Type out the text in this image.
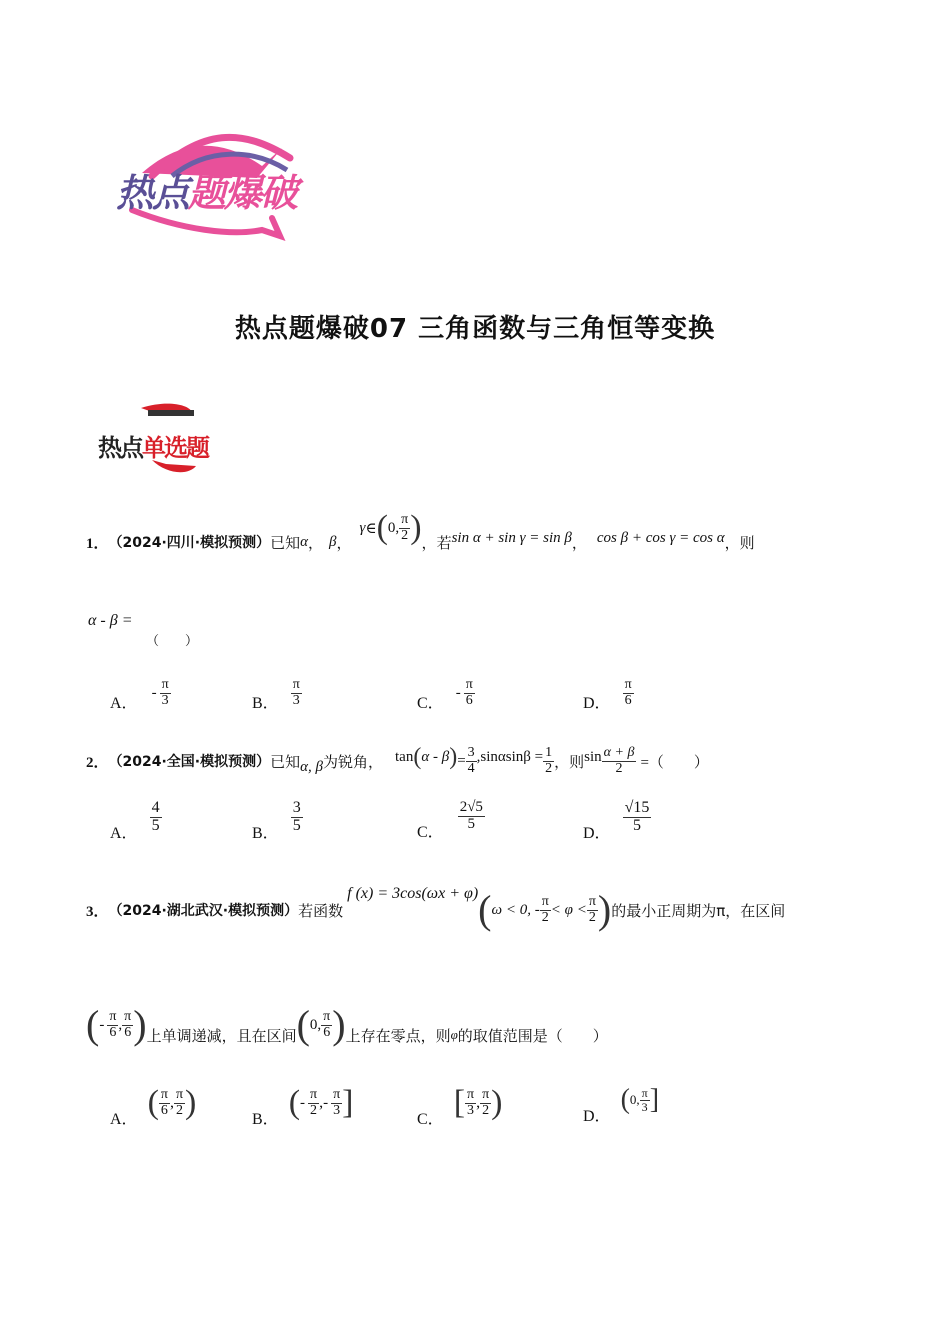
热点题爆破
热点题爆破07 三角函数与三角恒等变换
热点单选题
1． （2024·四川·模拟预测） 已知 α ， β ，
γ ∈ ( 0, $\frac{\pi}{2}$ ) ， 若 sin α + sin γ = sin β ， cos β + cos γ = cos α ，则
α - β =
（　　）
A．
- $\frac{\pi}{3}$	B． $\frac{\pi}{3}$	C．
- $\frac{\pi}{6}$	D． $\frac{\pi}{6}$
2． （2024·全国·模拟预测） 已知 α, β 为锐角， tan ( α - β ) = $\frac{3}{4} ,\sin\alpha\sin\beta = \frac{1}{2}$ ，则 $\sin \frac{\alpha + \beta}{2}$ =（　　）
A． $\frac{4}{5}$	B． $\frac{3}{5}$	C． $\frac{2√5}{5}$
D． $\frac{√15}{5}$
3． （2024·湖北武汉·模拟预测） 若函数
f (x) = 3cos(ωx + φ) ( ω < 0, - $\frac{\pi}{2} < \varphi < \frac{\pi}{2}$ ) 的最小正周期为π，在区间
( - $\frac{\pi}{6}$ , $\frac{\pi}{6}$ ) 上单调递减，且在区间 ( 0, $\frac{\pi}{6}$ ) 上存在零点，则 φ 的取值范围是（　　）
A． ( $\frac{\pi}{6}$ , $\frac{\pi}{2}$ )	B． ( - $\frac{\pi}{2}$ , - $\frac{\pi}{3}$ ]	C． [ $\frac{\pi}{3}$ , $\frac{\pi}{2}$ )	D．
( 0, $\frac{\pi}{3}$ ]
